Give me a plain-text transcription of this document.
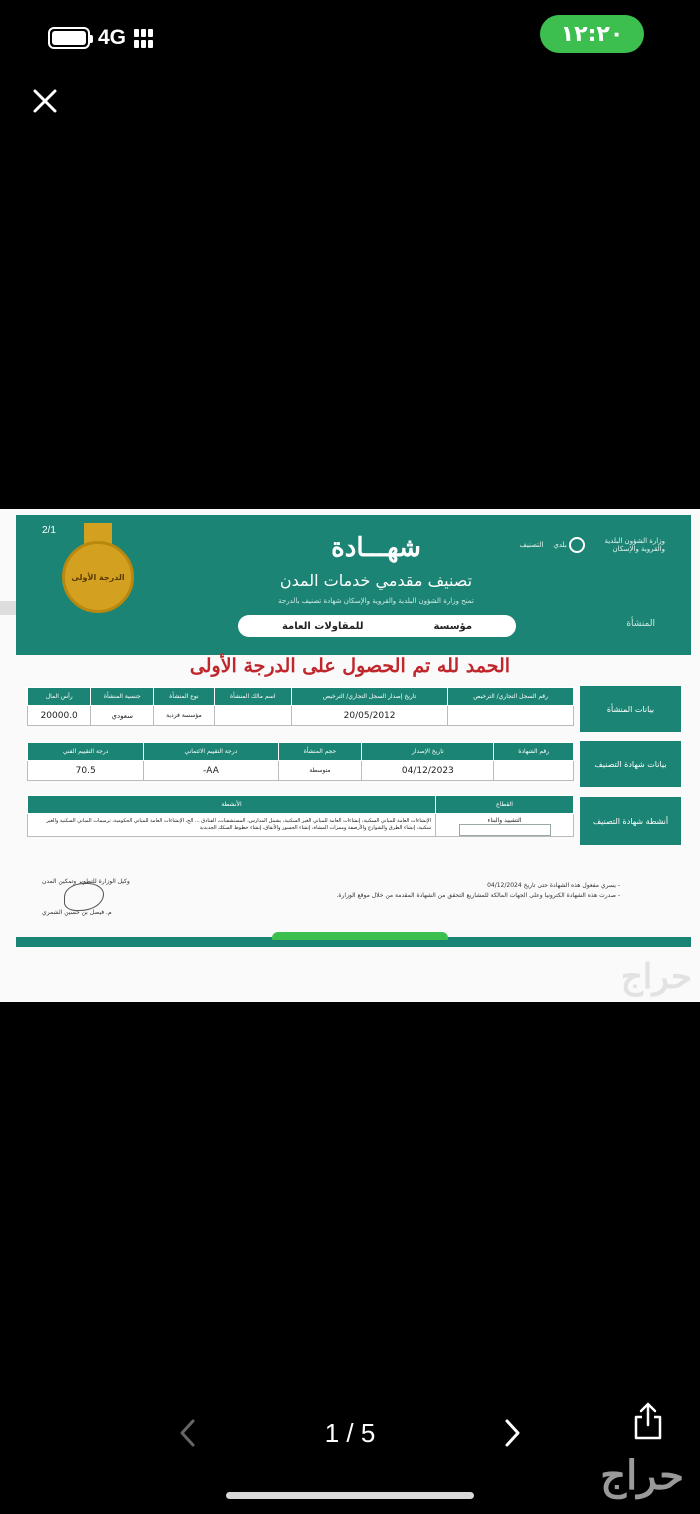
4G	١٢:٢٠
2/1
الدرجة الأولى
شهـــادة
تصنيف مقدمي خدمات المدن
تمنح وزارة الشؤون البلدية والقروية والإسكان شهادة تصنيف بالدرجة
التصنيف بلدي
وزارة الشؤون البلدية والقروية والإسكان
المنشأة
للمقاولات العامة	مؤسسة
الحمد لله تم الحصول على الدرجة الأولى
بيانات المنشأة
رقم السجل التجاري/ الترخيص	تاريخ إصدار السجل التجاري/ الترخيص	اسم مالك المنشأة	نوع المنشأة	جنسية المنشأة	رأس المال
	20/05/2012		مؤسسة فردية	سعودي	20000.0
بيانات شهادة التصنيف
رقم الشهادة	تاريخ الإصدار	حجم المنشأة	درجة التقييم الائتماني	درجة التقييم الفني
	04/12/2023	متوسطة	AA-	70.5
أنشطة شهادة التصنيف
القطاع	الأنشطة

التشييد والبناء	الإنشاءات العامة للمباني السكنية، إنشاءات العامة للمباني الغير السكنية، يشمل المدارس، المستشفيات، الفنادق ... الخ، الإنشاءات العامة للمباني الحكومية، ترميمات المباني السكنية والغير سكنية، إنشاء الطرق والشوارع والأرصفة وممرات المشاة، إنشاء الجسور والأنفاق، إنشاء خطوط السكك الحديدية
وكيل الوزارة للتطوير وتمكين المدن
م. فيصل بن حسين الشمري
- يسري مفعول هذه الشهادة حتى تاريخ 04/12/2024
- صدرت هذه الشهادة الكترونيا وعلى الجهات المالكة للمشاريع التحقق من الشهادة المقدمة من خلال موقع الوزارة.
حراج
1 / 5
حراج
